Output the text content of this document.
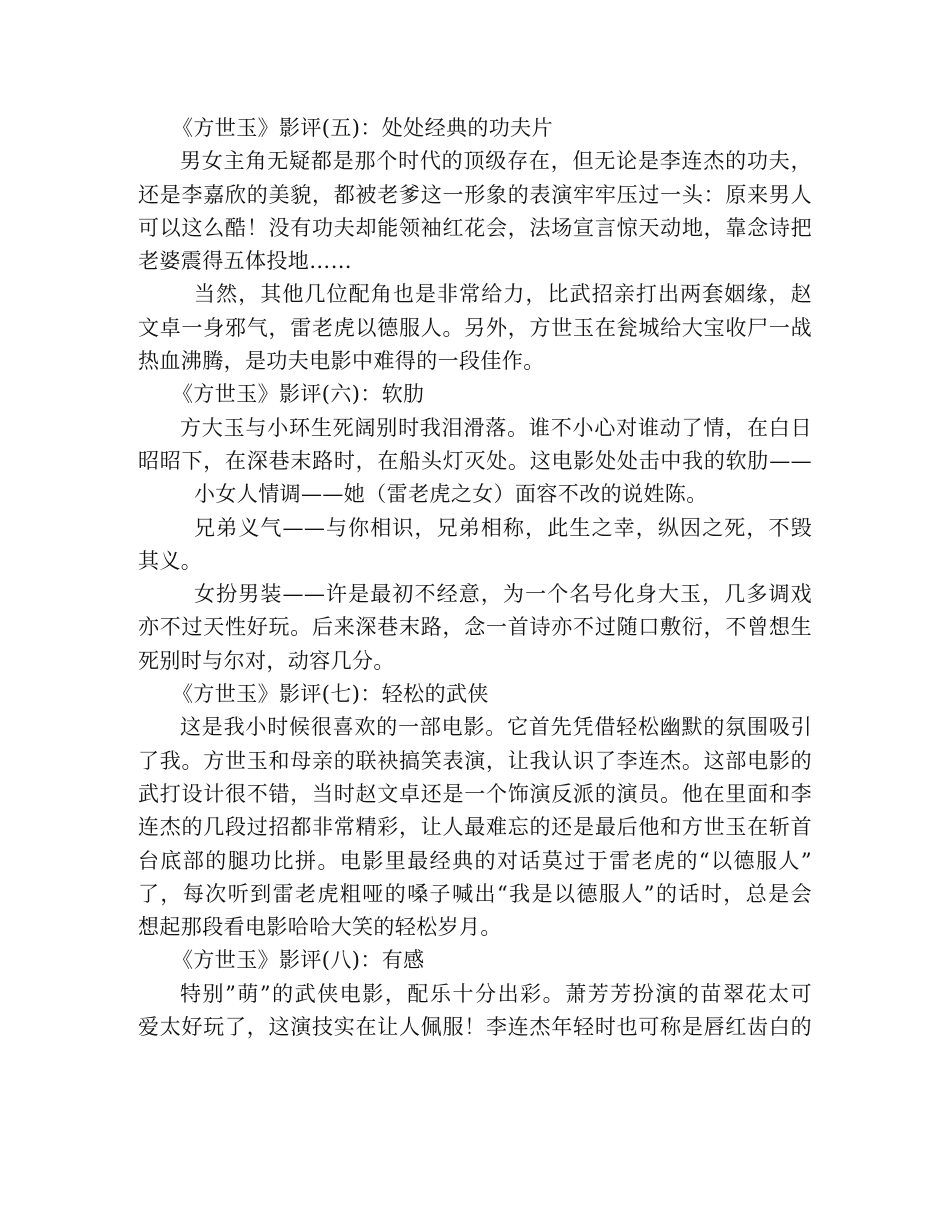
《方世玉》影评(五)：处处经典的功夫片
男女主角无疑都是那个时代的顶级存在，但无论是李连杰的功夫，
还是李嘉欣的美貌，都被老爹这一形象的表演牢牢压过一头：原来男人
可以这么酷！没有功夫却能领袖红花会，法场宣言惊天动地，靠念诗把
老婆震得五体投地……
当然，其他几位配角也是非常给力，比武招亲打出两套姻缘，赵
文卓一身邪气，雷老虎以德服人。另外，方世玉在瓮城给大宝收尸一战
热血沸腾，是功夫电影中难得的一段佳作。
《方世玉》影评(六)：软肋
方大玉与小环生死阔别时我泪滑落。谁不小心对谁动了情，在白日
昭昭下，在深巷末路时，在船头灯灭处。这电影处处击中我的软肋——
小女人情调——她（雷老虎之女）面容不改的说姓陈。
兄弟义气——与你相识，兄弟相称，此生之幸，纵因之死，不毁
其义。
女扮男装——许是最初不经意，为一个名号化身大玉，几多调戏
亦不过天性好玩。后来深巷末路，念一首诗亦不过随口敷衍，不曾想生
死别时与尔对，动容几分。
《方世玉》影评(七)：轻松的武侠
这是我小时候很喜欢的一部电影。它首先凭借轻松幽默的氛围吸引
了我。方世玉和母亲的联袂搞笑表演，让我认识了李连杰。这部电影的
武打设计很不错，当时赵文卓还是一个饰演反派的演员。他在里面和李
连杰的几段过招都非常精彩，让人最难忘的还是最后他和方世玉在斩首
台底部的腿功比拼。电影里最经典的对话莫过于雷老虎的“以德服人”
了，每次听到雷老虎粗哑的嗓子喊出“我是以德服人”的话时，总是会
想起那段看电影哈哈大笑的轻松岁月。
《方世玉》影评(八)：有感
特别”萌”的武侠电影，配乐十分出彩。萧芳芳扮演的苗翠花太可
爱太好玩了，这演技实在让人佩服！李连杰年轻时也可称是唇红齿白的
